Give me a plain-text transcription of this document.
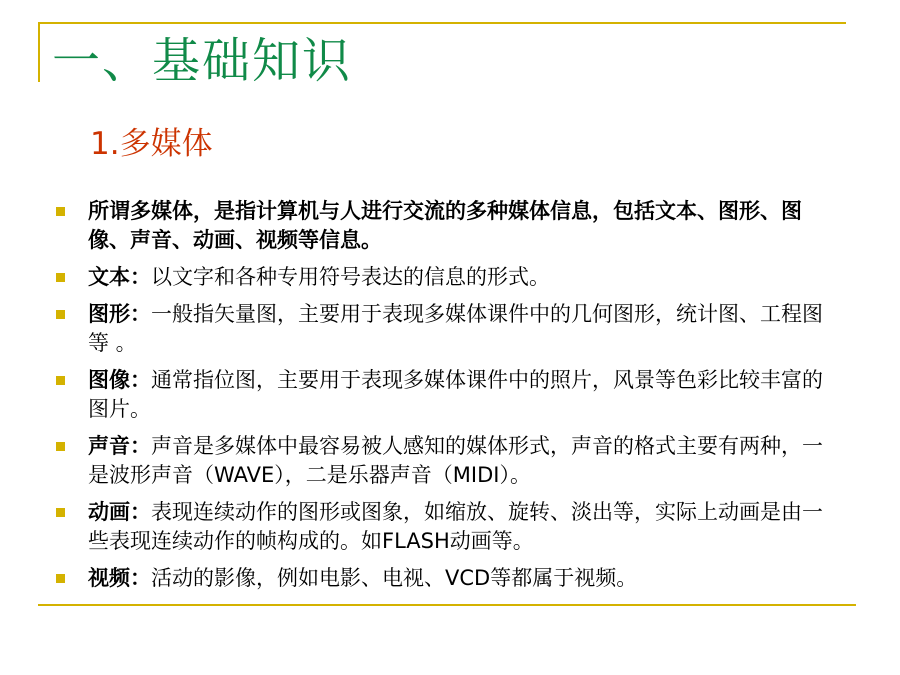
一、基础知识
1.多媒体
所谓多媒体，是指计算机与人进行交流的多种媒体信息，包括文本、图形、图像、声音、动画、视频等信息。
文本：以文字和各种专用符号表达的信息的形式。
图形：一般指矢量图，主要用于表现多媒体课件中的几何图形，统计图、工程图等 。
图像：通常指位图，主要用于表现多媒体课件中的照片，风景等色彩比较丰富的图片。
声音：声音是多媒体中最容易被人感知的媒体形式，声音的格式主要有两种，一是波形声音（WAVE），二是乐器声音（MIDI）。
动画：表现连续动作的图形或图象，如缩放、旋转、淡出等，实际上动画是由一些表现连续动作的帧构成的。如FLASH动画等。
视频：活动的影像，例如电影、电视、VCD等都属于视频。
